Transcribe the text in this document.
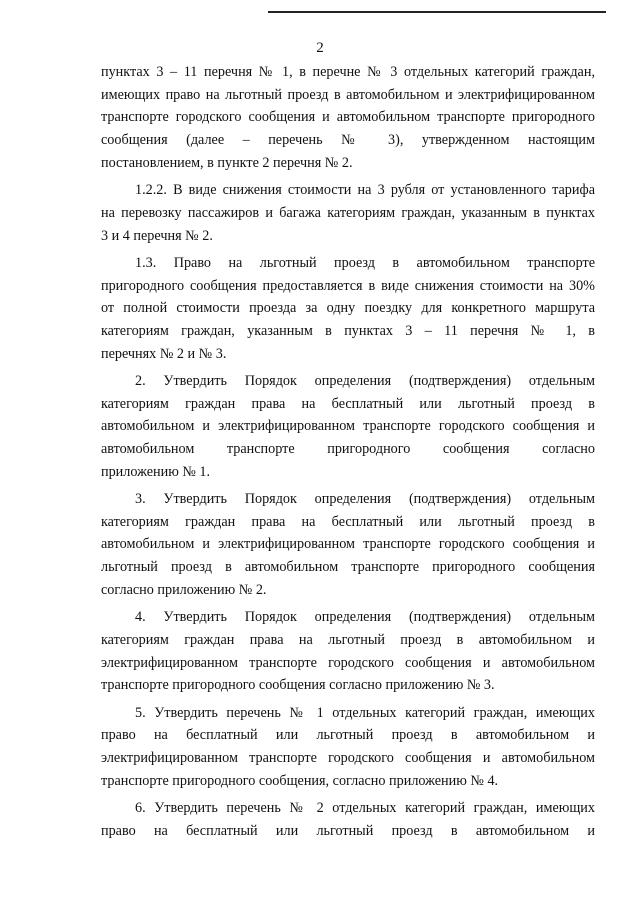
2
пунктах 3 – 11 перечня № 1, в перечне № 3 отдельных категорий граждан,
имеющих право на льготный проезд в автомобильном и электрифицированном
транспорте городского сообщения и автомобильном транспорте пригородного
сообщения (далее – перечень № 3), утвержденном настоящим
постановлением, в пункте 2 перечня № 2.
1.2.2. В виде снижения стоимости на 3 рубля от установленного тарифа
на перевозку пассажиров и багажа категориям граждан, указанным в пунктах
3 и 4 перечня № 2.
1.3. Право на льготный проезд в автомобильном транспорте
пригородного сообщения предоставляется в виде снижения стоимости на 30%
от полной стоимости проезда за одну поездку для конкретного маршрута
категориям граждан, указанным в пунктах 3 – 11 перечня № 1, в
перечнях № 2 и № 3.
2. Утвердить Порядок определения (подтверждения) отдельным
категориям граждан права на бесплатный или льготный проезд в
автомобильном и электрифицированном транспорте городского сообщения и
автомобильном транспорте пригородного сообщения согласно
приложению № 1.
3. Утвердить Порядок определения (подтверждения) отдельным
категориям граждан права на бесплатный или льготный проезд в
автомобильном и электрифицированном транспорте городского сообщения и
льготный проезд в автомобильном транспорте пригородного сообщения
согласно приложению № 2.
4. Утвердить Порядок определения (подтверждения) отдельным
категориям граждан права на льготный проезд в автомобильном и
электрифицированном транспорте городского сообщения и автомобильном
транспорте пригородного сообщения согласно приложению № 3.
5. Утвердить перечень № 1 отдельных категорий граждан, имеющих
право на бесплатный или льготный проезд в автомобильном и
электрифицированном транспорте городского сообщения и автомобильном
транспорте пригородного сообщения, согласно приложению № 4.
6. Утвердить перечень № 2 отдельных категорий граждан, имеющих
право на бесплатный или льготный проезд в автомобильном и
